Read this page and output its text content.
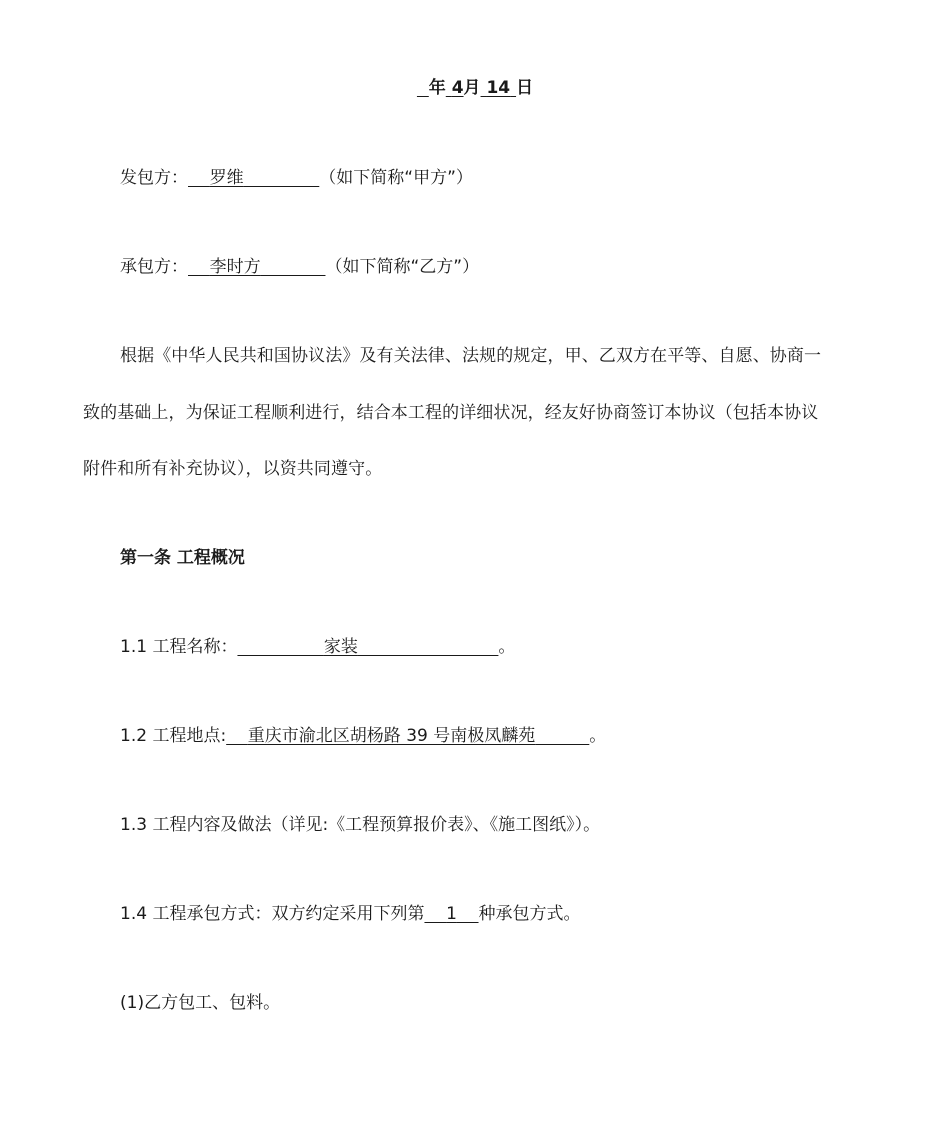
年 4月 14 日
发包方： 罗维	（如下简称“甲方”）
承包方： 李时方	（如下简称“乙方”）
根据《中华人民共和国协议法》及有关法律、法规的规定，甲、乙双方在平等、自愿、协商一
致的基础上，为保证工程顺利进行，结合本工程的详细状况，经友好协商签订本协议（包括本协议
附件和所有补充协议），以资共同遵守。
第一条 工程概况
1.1 工程名称：	家装	。
1.2 工程地点: 重庆市渝北区胡杨路 39 号南极凤麟苑	。
1.3 工程内容及做法（详见:《工程预算报价表》、《施工图纸》）。
1.4 工程承包方式：双方约定采用下列第 1 种承包方式。
(1)乙方包工、包料。
